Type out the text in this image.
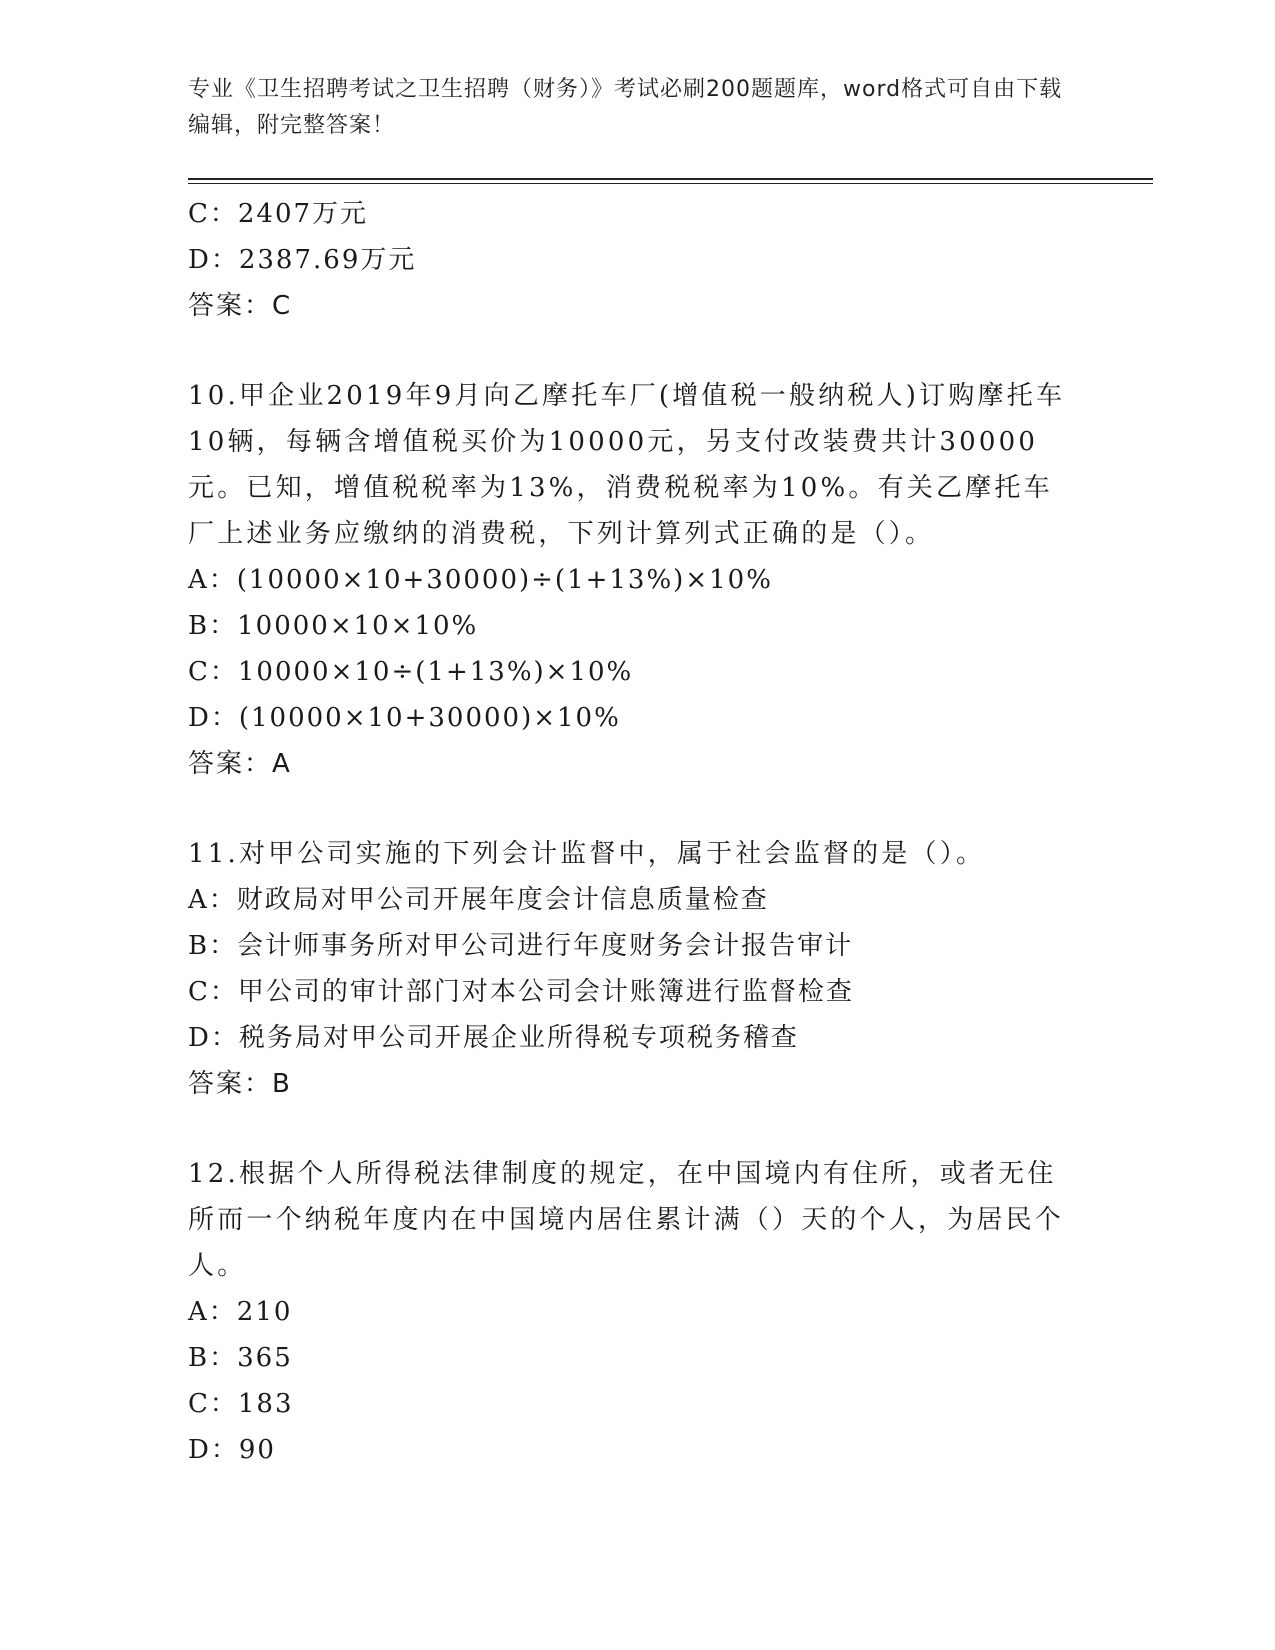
专业《卫生招聘考试之卫生招聘（财务）》考试必刷200题题库，word格式可自由下载编辑，附完整答案！
C：2407万元
D：2387.69万元
答案：C
10.甲企业2019年9月向乙摩托车厂(增值税一般纳税人)订购摩托车10辆，每辆含增值税买价为10000元，另支付改装费共计30000元。已知，增值税税率为13%，消费税税率为10%。有关乙摩托车厂上述业务应缴纳的消费税，下列计算列式正确的是（）。
A：(10000×10+30000)÷(1+13%)×10%
B：10000×10×10%
C：10000×10÷(1+13%)×10%
D：(10000×10+30000)×10%
答案：A
11.对甲公司实施的下列会计监督中，属于社会监督的是（）。
A：财政局对甲公司开展年度会计信息质量检查
B：会计师事务所对甲公司进行年度财务会计报告审计
C：甲公司的审计部门对本公司会计账簿进行监督检查
D：税务局对甲公司开展企业所得税专项税务稽查
答案：B
12.根据个人所得税法律制度的规定，在中国境内有住所，或者无住所而一个纳税年度内在中国境内居住累计满（）天的个人，为居民个人。
A：210
B：365
C：183
D：90
